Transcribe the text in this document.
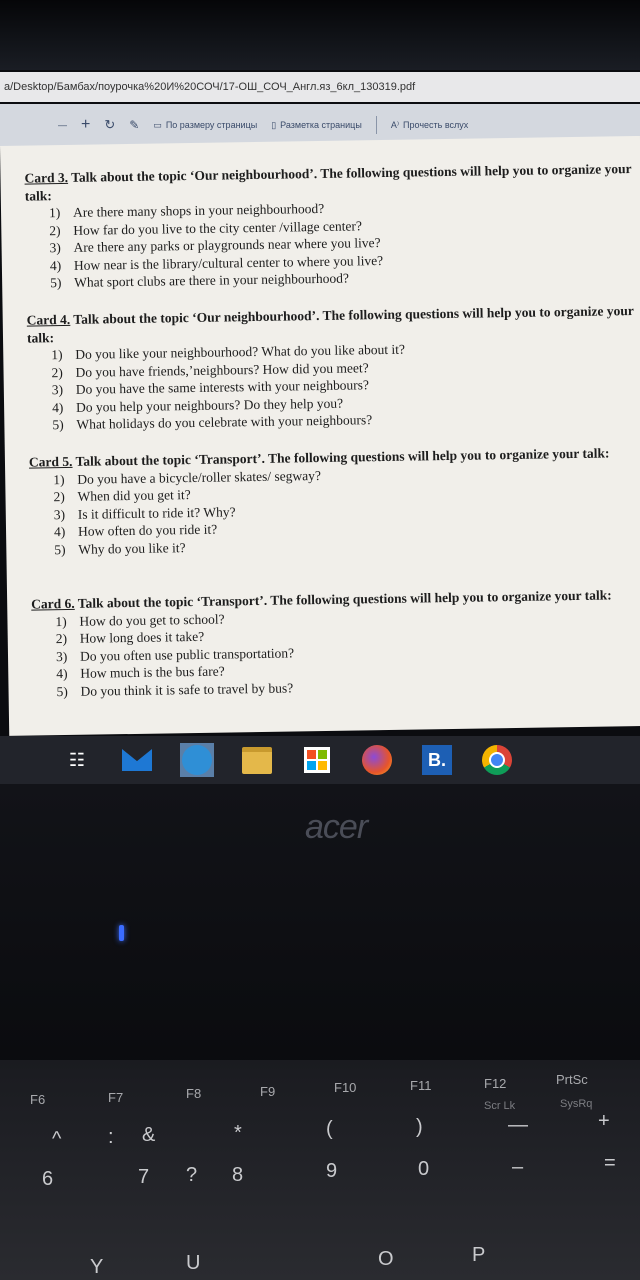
a/Desktop/Бамбах/поурочка%20И%20СОЧ/17-ОШ_СОЧ_Англ.яз_6кл_130319.pdf
— + ↻ ✎ ▭ По размеру страницы ▯ Разметка страницы	A⁾ Прочесть вслух
Card 3. Talk about the topic ‘Our neighbourhood’. The following questions will help you to organize your talk:
1) Are there many shops in your neighbourhood?
2) How far do you live to the city center /village center?
3) Are there any parks or playgrounds near where you live?
4) How near is the library/cultural center to where you live?
5) What sport clubs are there in your neighbourhood?
Card 4. Talk about the topic ‘Our neighbourhood’. The following questions will help you to organize your talk:
1) Do you like your neighbourhood? What do you like about it?
2) Do you have friends,’neighbours? How did you meet?
3) Do you have the same interests with your neighbours?
4) Do you help your neighbours? Do they help you?
5) What holidays do you celebrate with your neighbours?
Card 5. Talk about the topic ‘Transport’. The following questions will help you to organize your talk:
1) Do you have a bicycle/roller skates/ segway?
2) When did you get it?
3) Is it difficult to ride it? Why?
4) How often do you ride it?
5) Why do you like it?
Card 6. Talk about the topic ‘Transport’. The following questions will help you to organize your talk:
1) How do you get to school?
2) How long does it take?
3) Do you often use public transportation?
4) How much is the bus fare?
5) Do you think it is safe to travel by bus?
☷	B.
acer
F6	F7	F8	F9	F10	F11	F12
Scr Lk
PrtSc
SysRq
^ : &	*	(	)	—	+
6	7 ? 8	9	0	–	=
Y	U	O	P
